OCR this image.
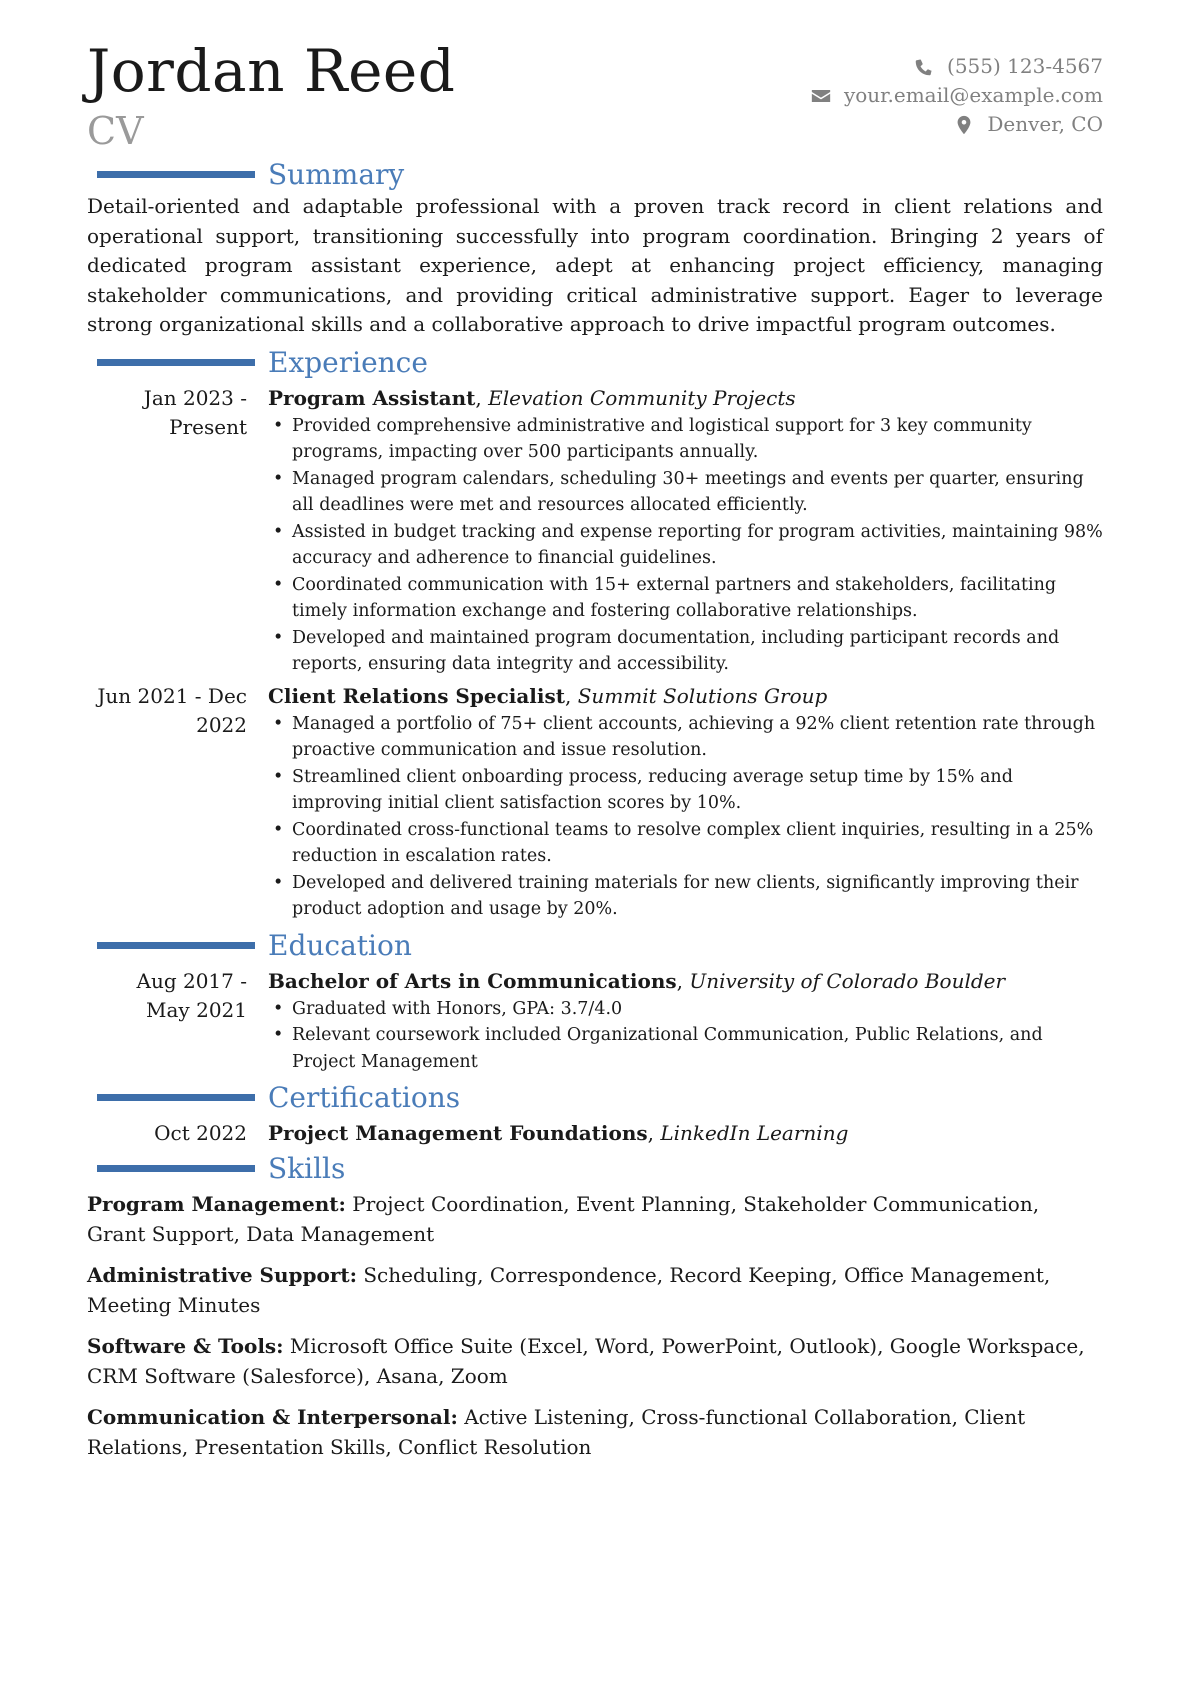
Jordan Reed
CV
(555) 123-4567
your.email@example.com
Denver, CO
Summary
Detail-oriented and adaptable professional with a proven track record in client relations and operational support, transitioning successfully into program coordination. Bringing 2 years of dedicated program assistant experience, adept at enhancing project efficiency, managing stakeholder communications, and providing critical administrative support. Eager to leverage strong organizational skills and a collaborative approach to drive impactful program outcomes.
Experience
Jan 2023 - Present
Program Assistant, Elevation Community Projects
• Provided comprehensive administrative and logistical support for 3 key community programs, impacting over 500 participants annually.
• Managed program calendars, scheduling 30+ meetings and events per quarter, ensuring all deadlines were met and resources allocated efficiently.
• Assisted in budget tracking and expense reporting for program activities, maintaining 98% accuracy and adherence to financial guidelines.
• Coordinated communication with 15+ external partners and stakeholders, facilitating timely information exchange and fostering collaborative relationships.
• Developed and maintained program documentation, including participant records and reports, ensuring data integrity and accessibility.
Jun 2021 - Dec 2022
Client Relations Specialist, Summit Solutions Group
• Managed a portfolio of 75+ client accounts, achieving a 92% client retention rate through proactive communication and issue resolution.
• Streamlined client onboarding process, reducing average setup time by 15% and improving initial client satisfaction scores by 10%.
• Coordinated cross-functional teams to resolve complex client inquiries, resulting in a 25% reduction in escalation rates.
• Developed and delivered training materials for new clients, significantly improving their product adoption and usage by 20%.
Education
Aug 2017 - May 2021
Bachelor of Arts in Communications, University of Colorado Boulder
• Graduated with Honors, GPA: 3.7/4.0
• Relevant coursework included Organizational Communication, Public Relations, and Project Management
Certifications
Oct 2022	Project Management Foundations, LinkedIn Learning
Skills
Program Management: Project Coordination, Event Planning, Stakeholder Communication, Grant Support, Data Management
Administrative Support: Scheduling, Correspondence, Record Keeping, Office Management, Meeting Minutes
Software & Tools: Microsoft Office Suite (Excel, Word, PowerPoint, Outlook), Google Workspace, CRM Software (Salesforce), Asana, Zoom
Communication & Interpersonal: Active Listening, Cross-functional Collaboration, Client Relations, Presentation Skills, Conflict Resolution
